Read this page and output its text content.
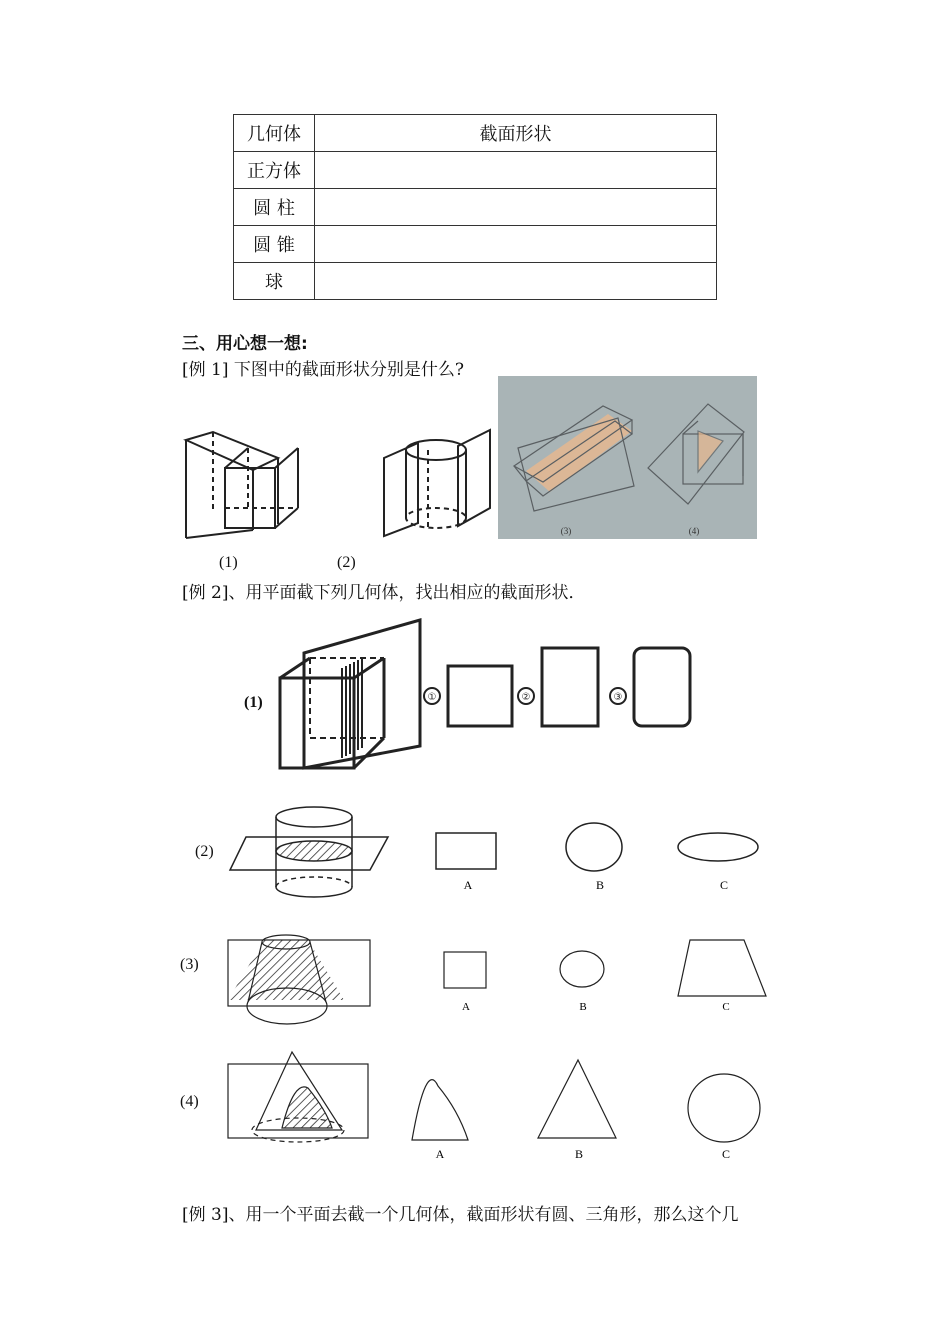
几何体	截面形状
正方体	
圆 柱	
圆 锥	
球	
三、用心想一想:
[例 1] 下图中的截面形状分别是什么?
(3)	(4)
(1)	(2)
[例 2]、用平面截下列几何体，找出相应的截面形状．
(1)	①	②	③
(2)
A	B	C
(3)
A	B	C
(4)
A	B	C
[例 3]、用一个平面去截一个几何体，截面形状有圆、三角形，那么这个几
